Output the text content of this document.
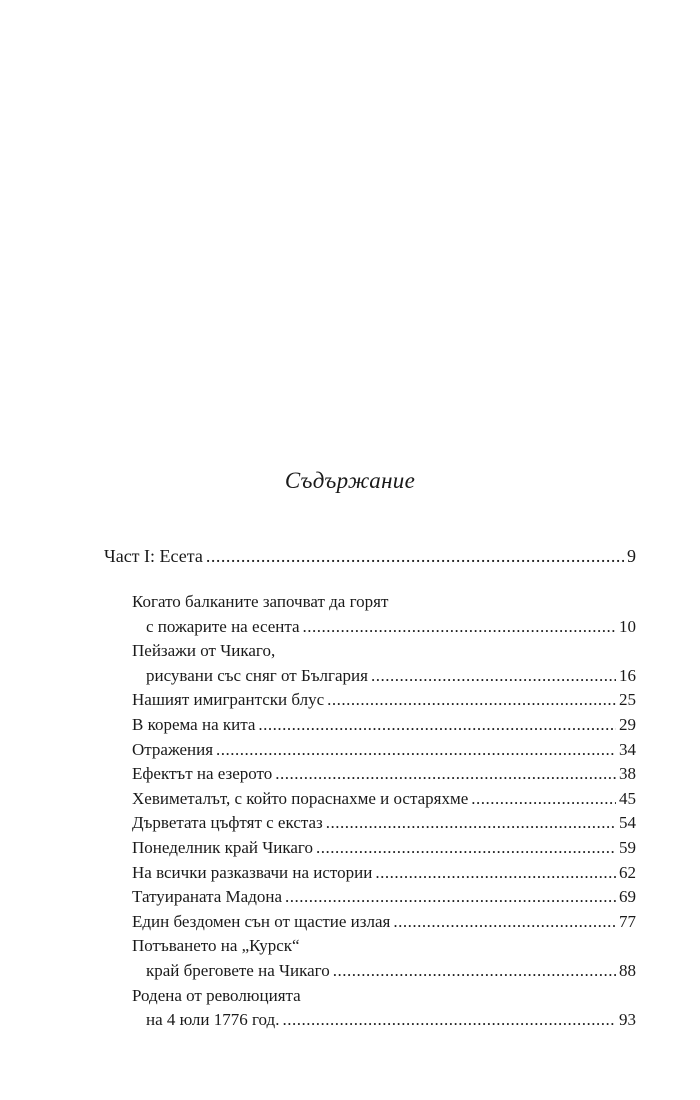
Съдържание
Част I: Есета .....	9
Когато балканите започват да горят
с пожарите на есента .....	10
Пейзажи от Чикаго,
рисувани със сняг от България .....	16
Нашият имигрантски блус .....	25
В корема на кита .....	29
Отражения .....	34
Ефектът на езерото .....	38
Хевиметалът, с който пораснахме и остаряхме .....	45
Дърветата цъфтят с екстаз .....	54
Понеделник край Чикаго .....	59
На всички разказвачи на истории .....	62
Татуираната Мадона .....	69
Един бездомен сън от щастие излая .....	77
Потъването на „Курск“
край бреговете на Чикаго .....	88
Родена от революцията
на 4 юли 1776 год. .....	93
